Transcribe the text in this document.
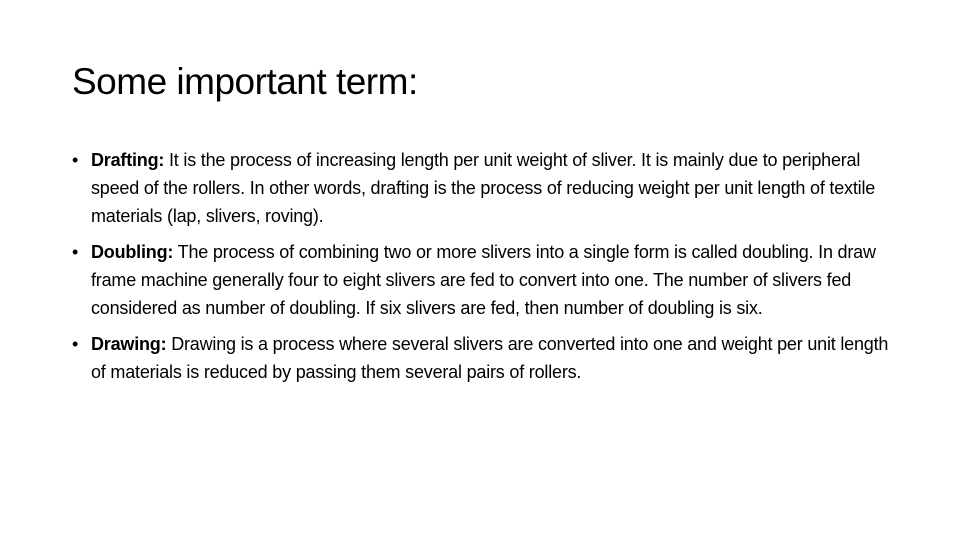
Some important term:
• Drafting: It is the process of increasing length per unit weight of sliver. It is mainly due to peripheral speed of the rollers. In other words, drafting is the process of reducing weight per unit length of textile materials (lap, slivers, roving).
• Doubling: The process of combining two or more slivers into a single form is called doubling. In draw frame machine generally four to eight slivers are fed to convert into one. The number of slivers fed considered as number of doubling. If six slivers are fed, then number of doubling is six.
• Drawing: Drawing is a process where several slivers are converted into one and weight per unit length of materials is reduced by passing them several pairs of rollers.
